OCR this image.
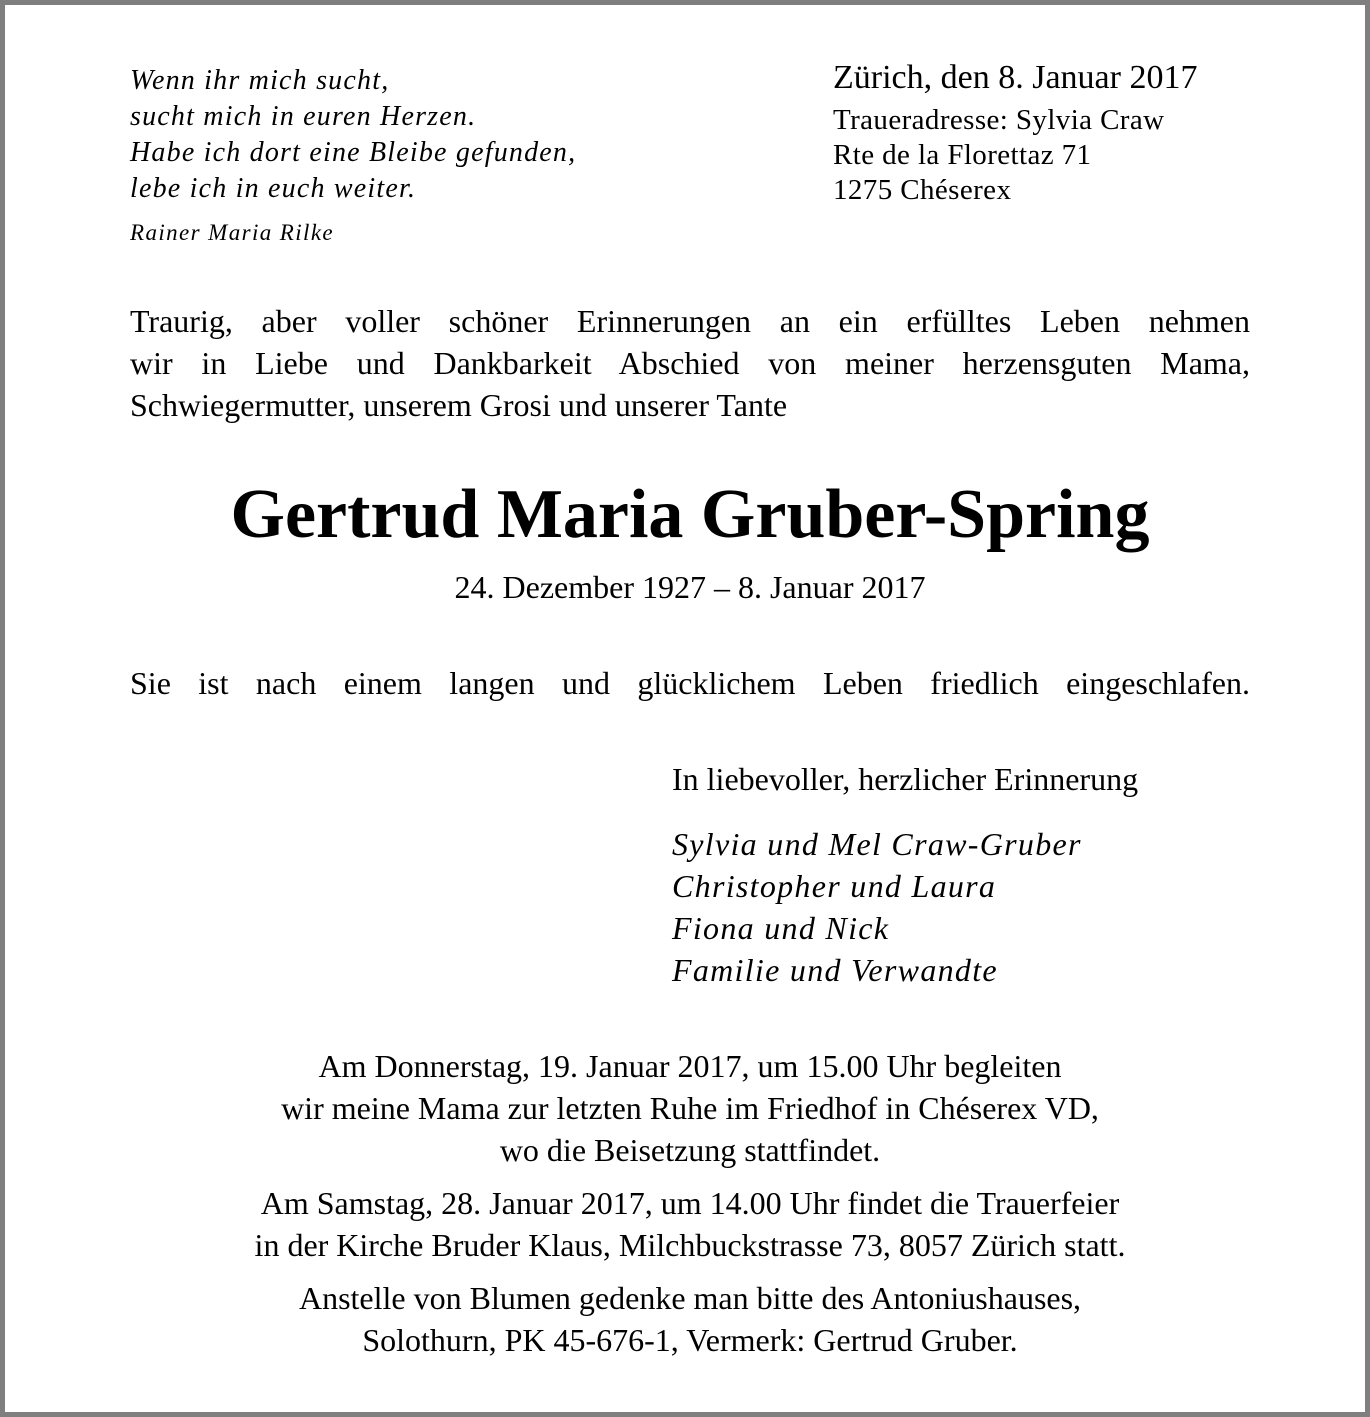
Wenn ihr mich sucht,
sucht mich in euren Herzen.
Habe ich dort eine Bleibe gefunden,
lebe ich in euch weiter.
Rainer Maria Rilke
Zürich, den 8. Januar 2017
Traueradresse: Sylvia Craw
Rte de la Florettaz 71
1275 Chéserex
Traurig, aber voller schöner Erinnerungen an ein erfülltes Leben nehmen
wir in Liebe und Dankbarkeit Abschied von meiner herzensguten Mama,
Schwiegermutter, unserem Grosi und unserer Tante
Gertrud Maria Gruber-Spring
24. Dezember 1927 – 8. Januar 2017
Sie ist nach einem langen und glücklichem Leben friedlich eingeschlafen.
In liebevoller, herzlicher Erinnerung
Sylvia und Mel Craw-Gruber
Christopher und Laura
Fiona und Nick
Familie und Verwandte
Am Donnerstag, 19. Januar 2017, um 15.00 Uhr begleiten
wir meine Mama zur letzten Ruhe im Friedhof in Chéserex VD,
wo die Beisetzung stattfindet.
Am Samstag, 28. Januar 2017, um 14.00 Uhr findet die Trauerfeier
in der Kirche Bruder Klaus, Milchbuckstrasse 73, 8057 Zürich statt.
Anstelle von Blumen gedenke man bitte des Antoniushauses,
Solothurn, PK 45-676-1, Vermerk: Gertrud Gruber.
